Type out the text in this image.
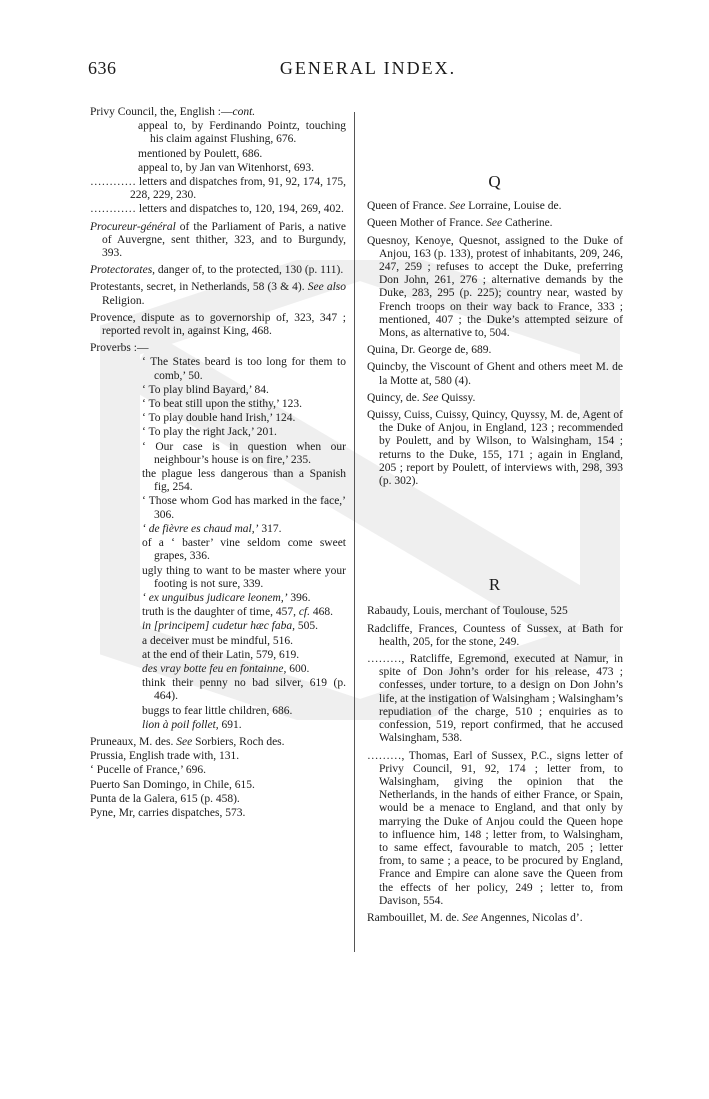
636	GENERAL INDEX.

Privy Council, the, English :—cont.

appeal to, by Ferdinando Pointz, touching his claim against Flushing, 676.

mentioned by Poulett, 686.

appeal to, by Jan van Witenhorst, 693.

………… letters and dispatches from, 91, 92, 174, 175, 228, 229, 230.

………… letters and dispatches to, 120, 194, 269, 402.

Procureur-général of the Parliament of Paris, a native of Auvergne, sent thither, 323, and to Burgundy, 393.

Protectorates, danger of, to the protected, 130 (p. 111).

Protestants, secret, in Netherlands, 58 (3 & 4). See also Religion.

Provence, dispute as to governorship of, 323, 347 ; reported revolt in, against King, 468.

Proverbs :—

‘ The States beard is too long for them to comb,’ 50.

‘ To play blind Bayard,’ 84.

‘ To beat still upon the stithy,’ 123.

‘ To play double hand Irish,’ 124.

‘ To play the right Jack,’ 201.

‘ Our case is in question when our neighbour’s house is on fire,’ 235.

the plague less dangerous than a Spanish fig, 254.

‘ Those whom God has marked in the face,’ 306.

‘ de fièvre es chaud mal,’ 317.

of a ‘ baster’ vine seldom come sweet grapes, 336.

ugly thing to want to be master where your footing is not sure, 339.

‘ ex unguibus judicare leonem,’ 396.

truth is the daughter of time, 457, cf. 468.

in [principem] cudetur hæc faba, 505.

a deceiver must be mindful, 516.

at the end of their Latin, 579, 619.

des vray botte feu en fontainne, 600.

think their penny no bad silver, 619 (p. 464).

buggs to fear little children, 686.

lion à poil follet, 691.

Pruneaux, M. des. See Sorbiers, Roch des.

Prussia, English trade with, 131.

‘ Pucelle of France,’ 696.

Puerto San Domingo, in Chile, 615.

Punta de la Galera, 615 (p. 458).

Pyne, Mr, carries dispatches, 573.

Q

Queen of France. See Lorraine, Louise de.

Queen Mother of France. See Catherine.

Quesnoy, Kenoye, Quesnot, assigned to the Duke of Anjou, 163 (p. 133), protest of inhabitants, 209, 246, 247, 259 ; refuses to accept the Duke, preferring Don John, 261, 276 ; alternative demands by the Duke, 283, 295 (p. 225); country near, wasted by French troops on their way back to France, 333 ; mentioned, 407 ; the Duke’s attempted seizure of Mons, as alternative to, 504.

Quina, Dr. George de, 689.

Quincby, the Viscount of Ghent and others meet M. de la Motte at, 580 (4).

Quincy, de. See Quissy.

Quissy, Cuiss, Cuissy, Quincy, Quyssy, M. de, Agent of the Duke of Anjou, in England, 123 ; recommended by Poulett, and by Wilson, to Walsingham, 154 ; returns to the Duke, 155, 171 ; again in England, 205 ; report by Poulett, of interviews with, 298, 393 (p. 302).

R

Rabaudy, Louis, merchant of Toulouse, 525

Radcliffe, Frances, Countess of Sussex, at Bath for health, 205, for the stone, 249.

………, Ratcliffe, Egremond, executed at Namur, in spite of Don John’s order for his release, 473 ; confesses, under torture, to a design on Don John’s life, at the instigation of Walsingham ; Walsingham’s repudiation of the charge, 510 ; enquiries as to confession, 519, report confirmed, that he accused Walsingham, 538.

………, Thomas, Earl of Sussex, P.C., signs letter of Privy Council, 91, 92, 174 ; letter from, to Walsingham, giving the opinion that the Netherlands, in the hands of either France, or Spain, would be a menace to England, and that only by marrying the Duke of Anjou could the Queen hope to influence him, 148 ; letter from, to Walsingham, to same effect, favourable to match, 205 ; letter from, to same ; a peace, to be procured by England, France and Empire can alone save the Queen from the effects of her policy, 249 ; letter to, from Davison, 554.

Rambouillet, M. de. See Angennes, Nicolas d’.
